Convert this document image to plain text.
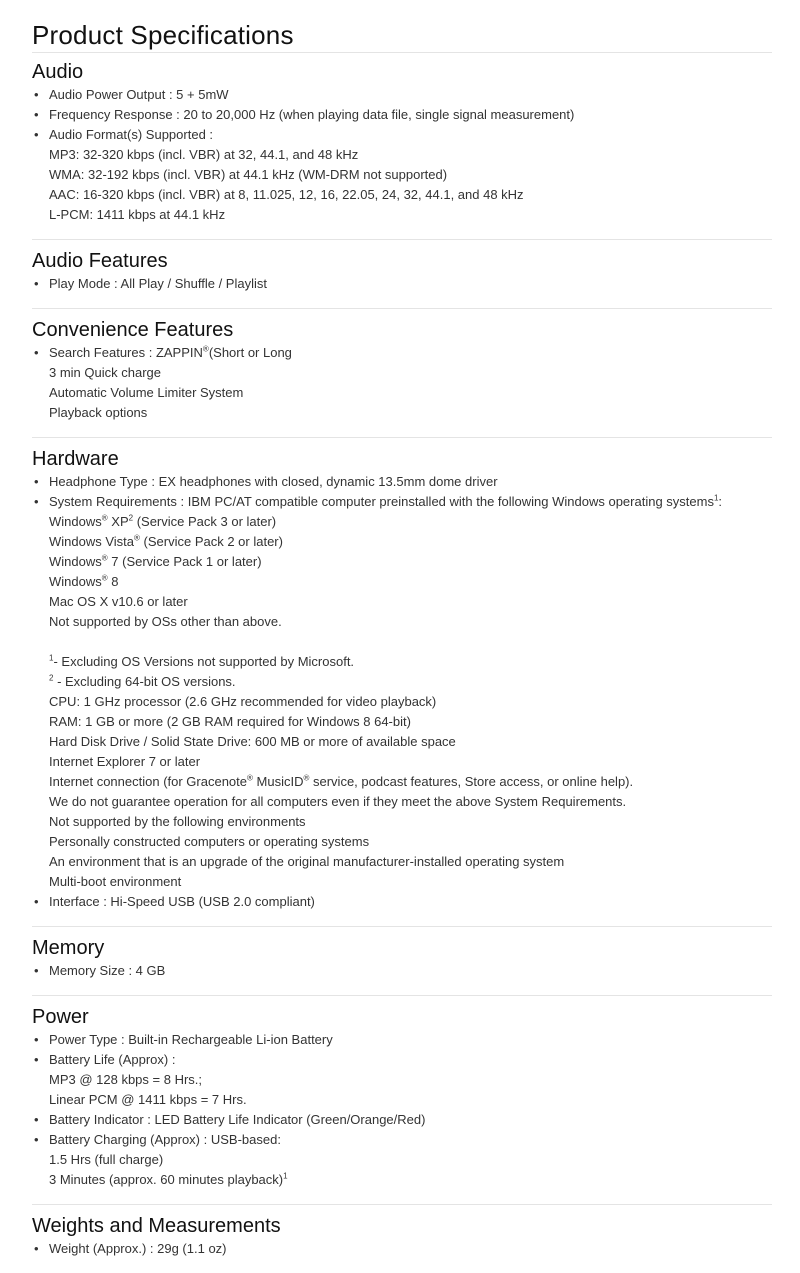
Product Specifications
Audio
• Audio Power Output : 5 + 5mW
• Frequency Response : 20 to 20,000 Hz (when playing data file, single signal measurement)
• Audio Format(s) Supported :
MP3: 32-320 kbps (incl. VBR) at 32, 44.1, and 48 kHz
WMA: 32-192 kbps (incl. VBR) at 44.1 kHz (WM-DRM not supported)
AAC: 16-320 kbps (incl. VBR) at 8, 11.025, 12, 16, 22.05, 24, 32, 44.1, and 48 kHz
L-PCM: 1411 kbps at 44.1 kHz
Audio Features
• Play Mode : All Play / Shuffle / Playlist
Convenience Features
• Search Features : ZAPPIN®(Short or Long
3 min Quick charge
Automatic Volume Limiter System
Playback options
Hardware
• Headphone Type : EX headphones with closed, dynamic 13.5mm dome driver
• System Requirements : IBM PC/AT compatible computer preinstalled with the following Windows operating systems$^1$:
Windows® $XP^2$ (Service Pack 3 or later)
Windows Vista® (Service Pack 2 or later)
Windows® 7 (Service Pack 1 or later)
Windows® 8
Mac OS X v10.6 or later
Not supported by OSs other than above.
$^1$- Excluding OS Versions not supported by Microsoft.
$^2$ - Excluding 64-bit OS versions.
CPU: 1 GHz processor (2.6 GHz recommended for video playback)
RAM: 1 GB or more (2 GB RAM required for Windows 8 64-bit)
Hard Disk Drive / Solid State Drive: 600 MB or more of available space
Internet Explorer 7 or later
Internet connection (for Gracenote® MusicID® service, podcast features, Store access, or online help).
We do not guarantee operation for all computers even if they meet the above System Requirements.
Not supported by the following environments
Personally constructed computers or operating systems
An environment that is an upgrade of the original manufacturer-installed operating system
Multi-boot environment
• Interface : Hi-Speed USB (USB 2.0 compliant)
Memory
• Memory Size : 4 GB
Power
• Power Type : Built-in Rechargeable Li-ion Battery
• Battery Life (Approx) :
MP3 @ 128 kbps = 8 Hrs.;
Linear PCM @ 1411 kbps = 7 Hrs.
• Battery Indicator : LED Battery Life Indicator (Green/Orange/Red)
• Battery Charging (Approx) : USB-based:
1.5 Hrs (full charge)
3 Minutes (approx. 60 minutes playback)$^1$
Weights and Measurements
• Weight (Approx.) : 29g (1.1 oz)
